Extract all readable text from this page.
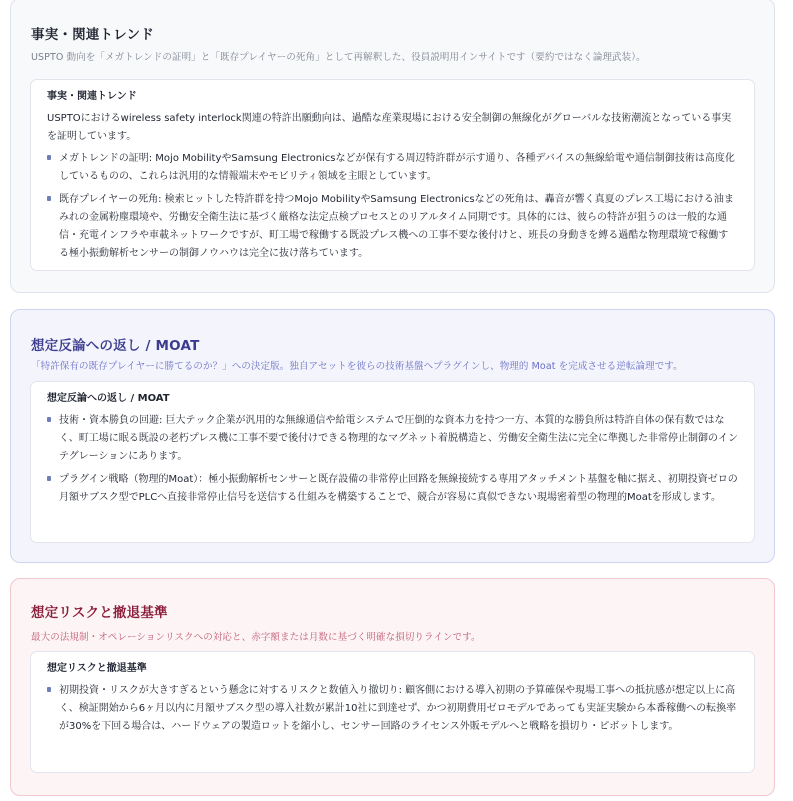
事実・関連トレンド
USPTO 動向を「メガトレンドの証明」と「既存プレイヤーの死角」として再解釈した、役員説明用インサイトです（要約ではなく論理武装）。
事実・関連トレンド

USPTOにおけるwireless safety interlock関連の特許出願動向は、過酷な産業現場における安全制御の無線化がグローバルな技術潮流となっている事実を証明しています。

メガトレンドの証明: Mojo MobilityやSamsung Electronicsなどが保有する周辺特許群が示す通り、各種デバイスの無線給電や通信制御技術は高度化しているものの、これらは汎用的な情報端末やモビリティ領域を主眼としています。
既存プレイヤーの死角: 検索ヒットした特許群を持つMojo MobilityやSamsung Electronicsなどの死角は、轟音が響く真夏のプレス工場における油まみれの金属粉塵環境や、労働安全衛生法に基づく厳格な法定点検プロセスとのリアルタイム同期です。具体的には、彼らの特許が狙うのは一般的な通信・充電インフラや車載ネットワークですが、町工場で稼働する既設プレス機への工事不要な後付けと、班長の身動きを縛る過酷な物理環境で稼働する極小振動解析センサーの制御ノウハウは完全に抜け落ちています。
想定反論への返し / MOAT
「特許保有の既存プレイヤーに勝てるのか？」への決定版。独自アセットを彼らの技術基盤へプラグインし、物理的 Moat を完成させる逆転論理です。
想定反論への返し / MOAT
技術・資本勝負の回避: 巨大テック企業が汎用的な無線通信や給電システムで圧倒的な資本力を持つ一方、本質的な勝負所は特許自体の保有数ではなく、町工場に眠る既設の老朽プレス機に工事不要で後付けできる物理的なマグネット着脱構造と、労働安全衛生法に完全に準拠した非常停止制御のインテグレーションにあります。
プラグイン戦略（物理的Moat）：極小振動解析センサーと既存設備の非常停止回路を無線接続する専用アタッチメント基盤を軸に据え、初期投資ゼロの月額サブスク型でPLCへ直接非常停止信号を送信する仕組みを構築することで、競合が容易に真似できない現場密着型の物理的Moatを形成します。
想定リスクと撤退基準
最大の法規制・オペレーションリスクへの対応と、赤字額または月数に基づく明確な損切りラインです。
想定リスクと撤退基準
初期投資・リスクが大きすぎるという懸念に対するリスクと数値入り撤切り: 顧客側における導入初期の予算確保や現場工事への抵抗感が想定以上に高く、検証開始から6ヶ月以内に月額サブスク型の導入社数が累計10社に到達せず、かつ初期費用ゼロモデルであっても実証実験から本番稼働への転換率が30%を下回る場合は、ハードウェアの製造ロットを縮小し、センサー回路のライセンス外販モデルへと戦略を損切り・ピボットします。
